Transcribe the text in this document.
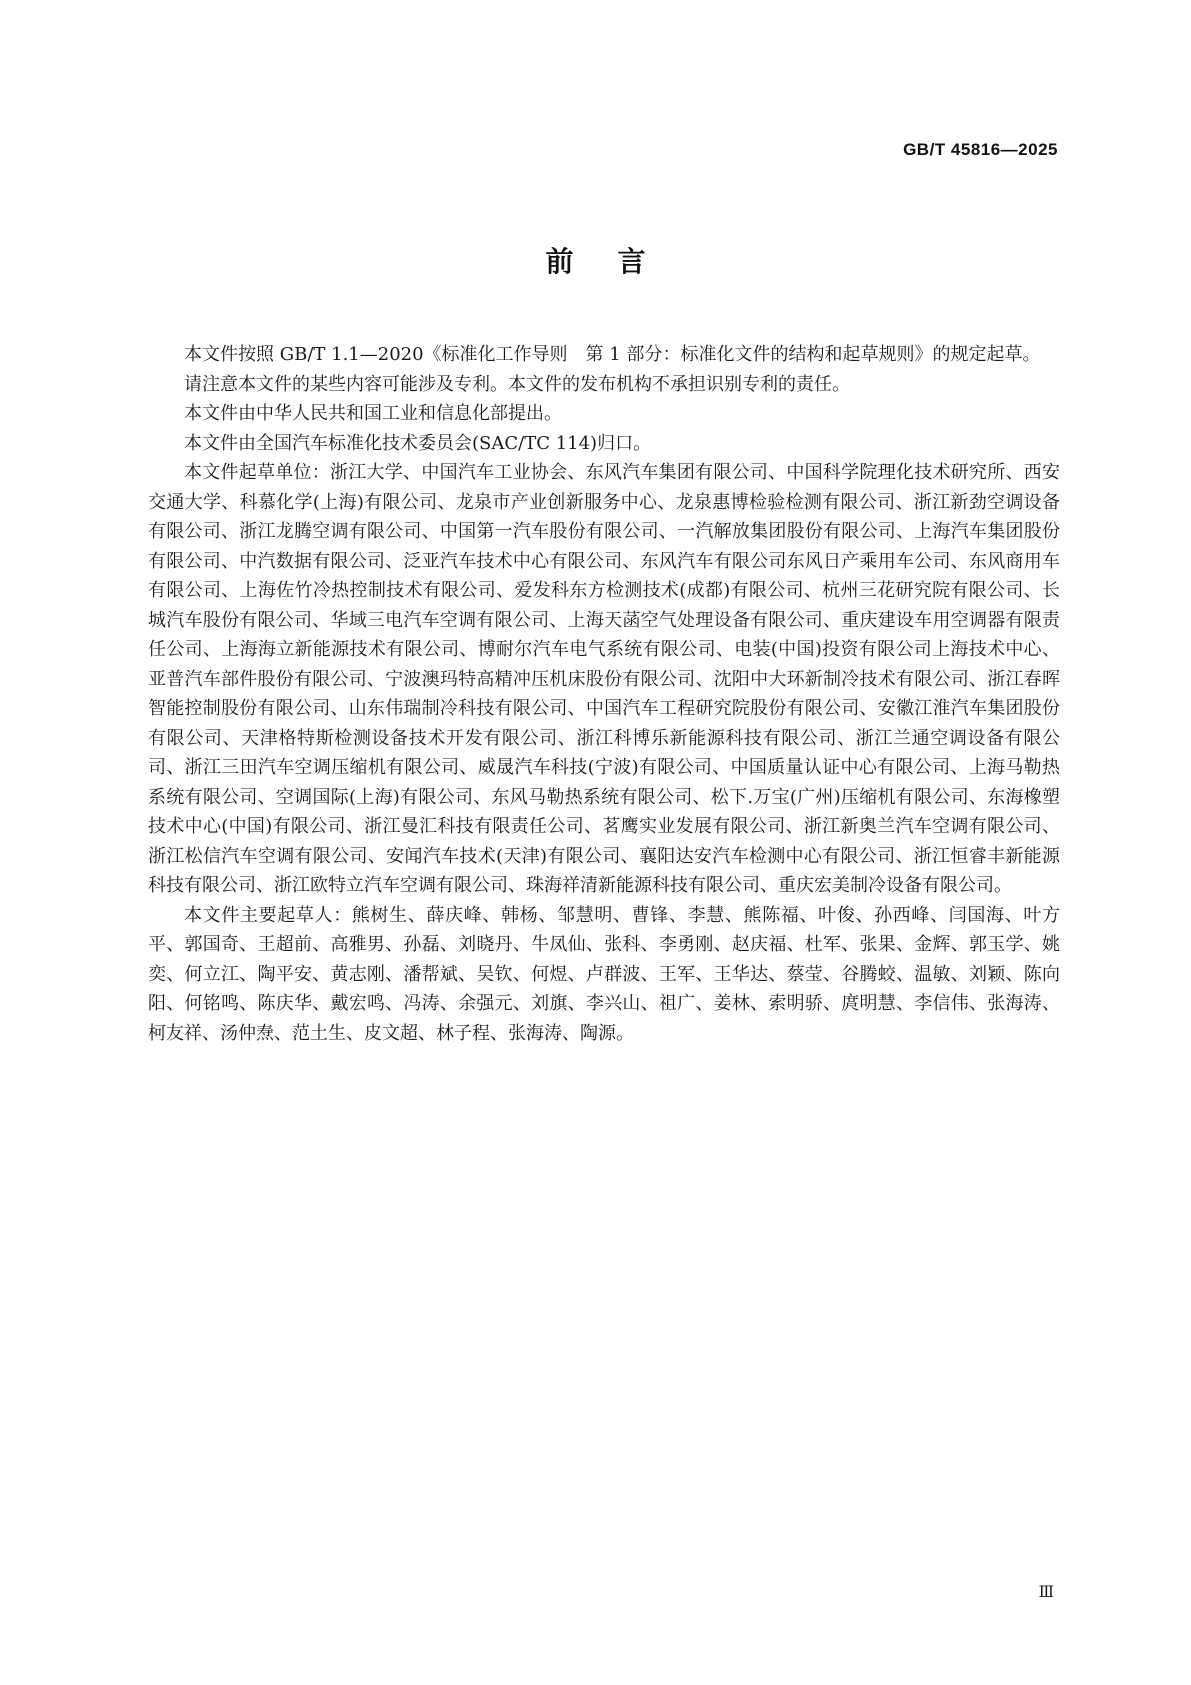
GB/T 45816—2025
前言

本文件按照 GB/T 1.1—2020《标准化工作导则　第 1 部分：标准化文件的结构和起草规则》的规定起草。

请注意本文件的某些内容可能涉及专利。本文件的发布机构不承担识别专利的责任。

本文件由中华人民共和国工业和信息化部提出。

本文件由全国汽车标准化技术委员会(SAC/TC 114)归口。

本文件起草单位：浙江大学、中国汽车工业协会、东风汽车集团有限公司、中国科学院理化技术研究所、西安交通大学、科慕化学(上海)有限公司、龙泉市产业创新服务中心、龙泉惠博检验检测有限公司、浙江新劲空调设备有限公司、浙江龙腾空调有限公司、中国第一汽车股份有限公司、一汽解放集团股份有限公司、上海汽车集团股份有限公司、中汽数据有限公司、泛亚汽车技术中心有限公司、东风汽车有限公司东风日产乘用车公司、东风商用车有限公司、上海佐竹冷热控制技术有限公司、爱发科东方检测技术(成都)有限公司、杭州三花研究院有限公司、长城汽车股份有限公司、华域三电汽车空调有限公司、上海天菡空气处理设备有限公司、重庆建设车用空调器有限责任公司、上海海立新能源技术有限公司、博耐尔汽车电气系统有限公司、电装(中国)投资有限公司上海技术中心、亚普汽车部件股份有限公司、宁波澳玛特高精冲压机床股份有限公司、沈阳中大环新制冷技术有限公司、浙江春晖智能控制股份有限公司、山东伟瑞制冷科技有限公司、中国汽车工程研究院股份有限公司、安徽江淮汽车集团股份有限公司、天津格特斯检测设备技术开发有限公司、浙江科博乐新能源科技有限公司、浙江兰通空调设备有限公司、浙江三田汽车空调压缩机有限公司、威晟汽车科技(宁波)有限公司、中国质量认证中心有限公司、上海马勒热系统有限公司、空调国际(上海)有限公司、东风马勒热系统有限公司、松下.万宝(广州)压缩机有限公司、东海橡塑技术中心(中国)有限公司、浙江曼汇科技有限责任公司、茗鹰实业发展有限公司、浙江新奥兰汽车空调有限公司、浙江松信汽车空调有限公司、安闻汽车技术(天津)有限公司、襄阳达安汽车检测中心有限公司、浙江恒睿丰新能源科技有限公司、浙江欧特立汽车空调有限公司、珠海祥清新能源科技有限公司、重庆宏美制冷设备有限公司。

本文件主要起草人：熊树生、薛庆峰、韩杨、邹慧明、曹锋、李慧、熊陈福、叶俊、孙西峰、闫国海、叶方平、郭国奇、王超前、高雅男、孙磊、刘晓丹、牛凤仙、张科、李勇刚、赵庆福、杜军、张果、金辉、郭玉学、姚奕、何立江、陶平安、黄志刚、潘帮斌、吴钦、何煜、卢群波、王军、王华达、蔡莹、谷腾蛟、温敏、刘颖、陈向阳、何铭鸣、陈庆华、戴宏鸣、冯涛、余强元、刘旗、李兴山、祖广、姜林、索明骄、庹明慧、李信伟、张海涛、柯友祥、汤仲焘、范土生、皮文超、林子程、张海涛、陶源。

Ⅲ
